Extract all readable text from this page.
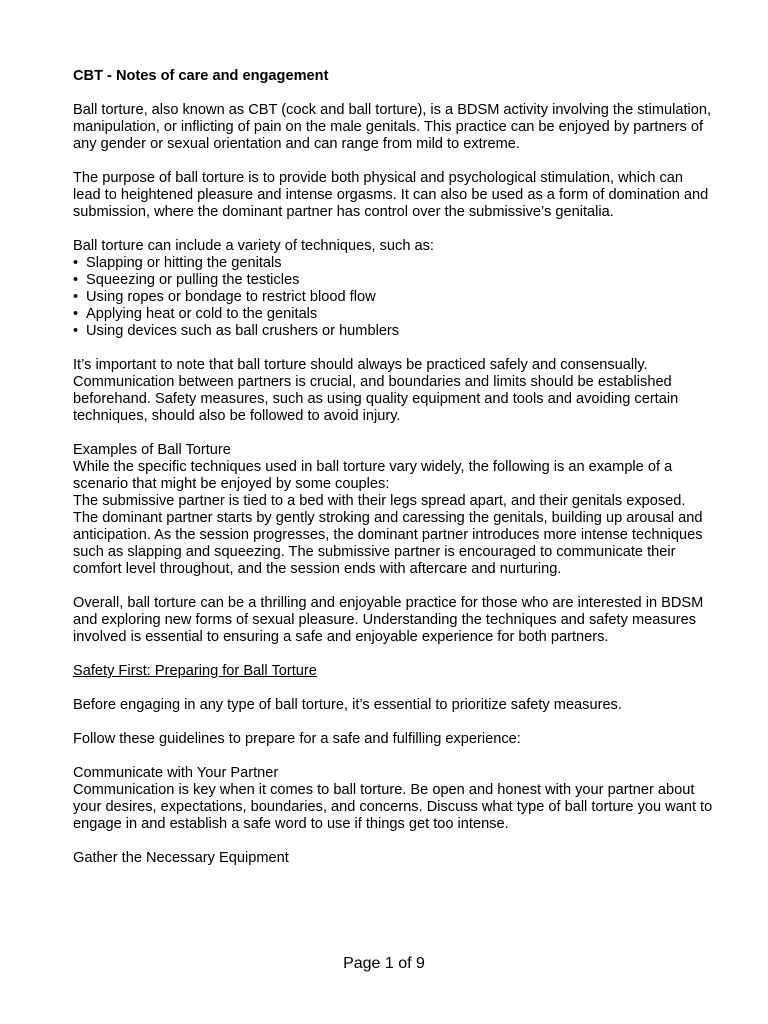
CBT - Notes of care and engagement

Ball torture, also known as CBT (cock and ball torture), is a BDSM activity involving the stimulation, manipulation, or inflicting of pain on the male genitals. This practice can be enjoyed by partners of any gender or sexual orientation and can range from mild to extreme.

The purpose of ball torture is to provide both physical and psychological stimulation, which can lead to heightened pleasure and intense orgasms. It can also be used as a form of domination and submission, where the dominant partner has control over the submissive’s genitalia.

Ball torture can include a variety of techniques, such as:

• Slapping or hitting the genitals
• Squeezing or pulling the testicles
• Using ropes or bondage to restrict blood flow
• Applying heat or cold to the genitals
• Using devices such as ball crushers or humblers

It’s important to note that ball torture should always be practiced safely and consensually. Communication between partners is crucial, and boundaries and limits should be established beforehand. Safety measures, such as using quality equipment and tools and avoiding certain techniques, should also be followed to avoid injury.

Examples of Ball Torture

While the specific techniques used in ball torture vary widely, the following is an example of a scenario that might be enjoyed by some couples:

The submissive partner is tied to a bed with their legs spread apart, and their genitals exposed. The dominant partner starts by gently stroking and caressing the genitals, building up arousal and anticipation. As the session progresses, the dominant partner introduces more intense techniques such as slapping and squeezing. The submissive partner is encouraged to communicate their comfort level throughout, and the session ends with aftercare and nurturing.

Overall, ball torture can be a thrilling and enjoyable practice for those who are interested in BDSM and exploring new forms of sexual pleasure. Understanding the techniques and safety measures involved is essential to ensuring a safe and enjoyable experience for both partners.

Safety First: Preparing for Ball Torture

Before engaging in any type of ball torture, it’s essential to prioritize safety measures.

Follow these guidelines to prepare for a safe and fulfilling experience:

Communicate with Your Partner

Communication is key when it comes to ball torture. Be open and honest with your partner about your desires, expectations, boundaries, and concerns. Discuss what type of ball torture you want to engage in and establish a safe word to use if things get too intense.

Gather the Necessary Equipment

Page 1 of 9
